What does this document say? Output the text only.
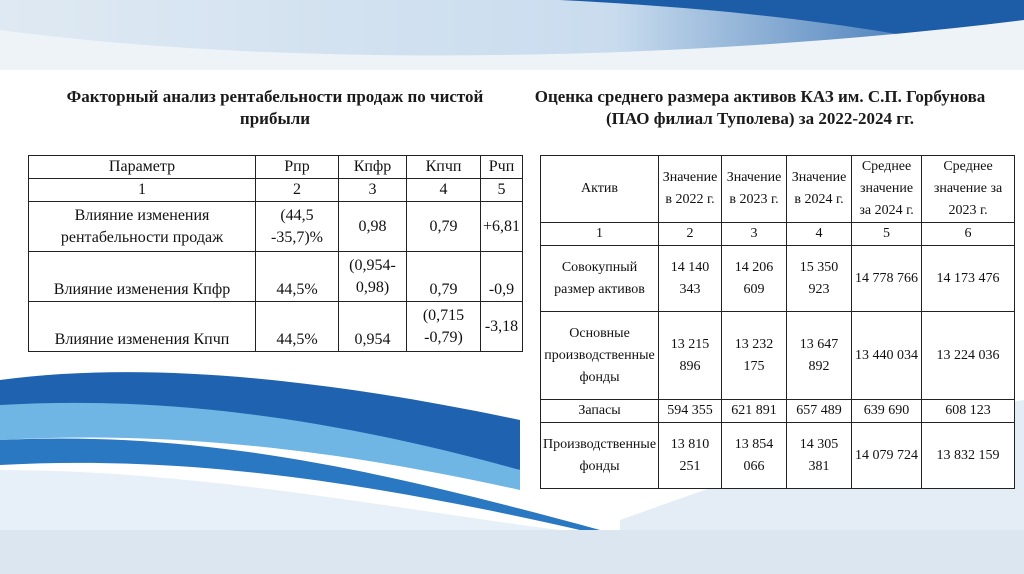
Факторный анализ рентабельности продаж по чистой прибыли
Оценка среднего размера активов КАЗ им. С.П. Горбунова (ПАО филиал Туполева) за 2022-2024 гг.
Параметр	Рпр	Кпфр	Кпчп	Рчп
1	2	3	4	5
Влияние изменения рентабельности продаж	(44,5 -35,7)%	0,98	0,79	+6,81
Влияние изменения Кпфр	44,5%	(0,954-0,98)	0,79	-0,9
Влияние изменения Кпчп	44,5%	0,954	(0,715 -0,79)	-3,18
Актив	Значение в 2022 г.	Значение в 2023 г.	Значение в 2024 г.	Среднее значение за 2024 г.	Среднее значение за 2023 г.
1	2	3	4	5	6
Совокупный размер активов	14 140 343	14 206 609	15 350 923	14 778 766	14 173 476
Основные производственные фонды	13 215 896	13 232 175	13 647 892	13 440 034	13 224 036
Запасы	594 355	621 891	657 489	639 690	608 123
Производственные фонды	13 810 251	13 854 066	14 305 381	14 079 724	13 832 159
